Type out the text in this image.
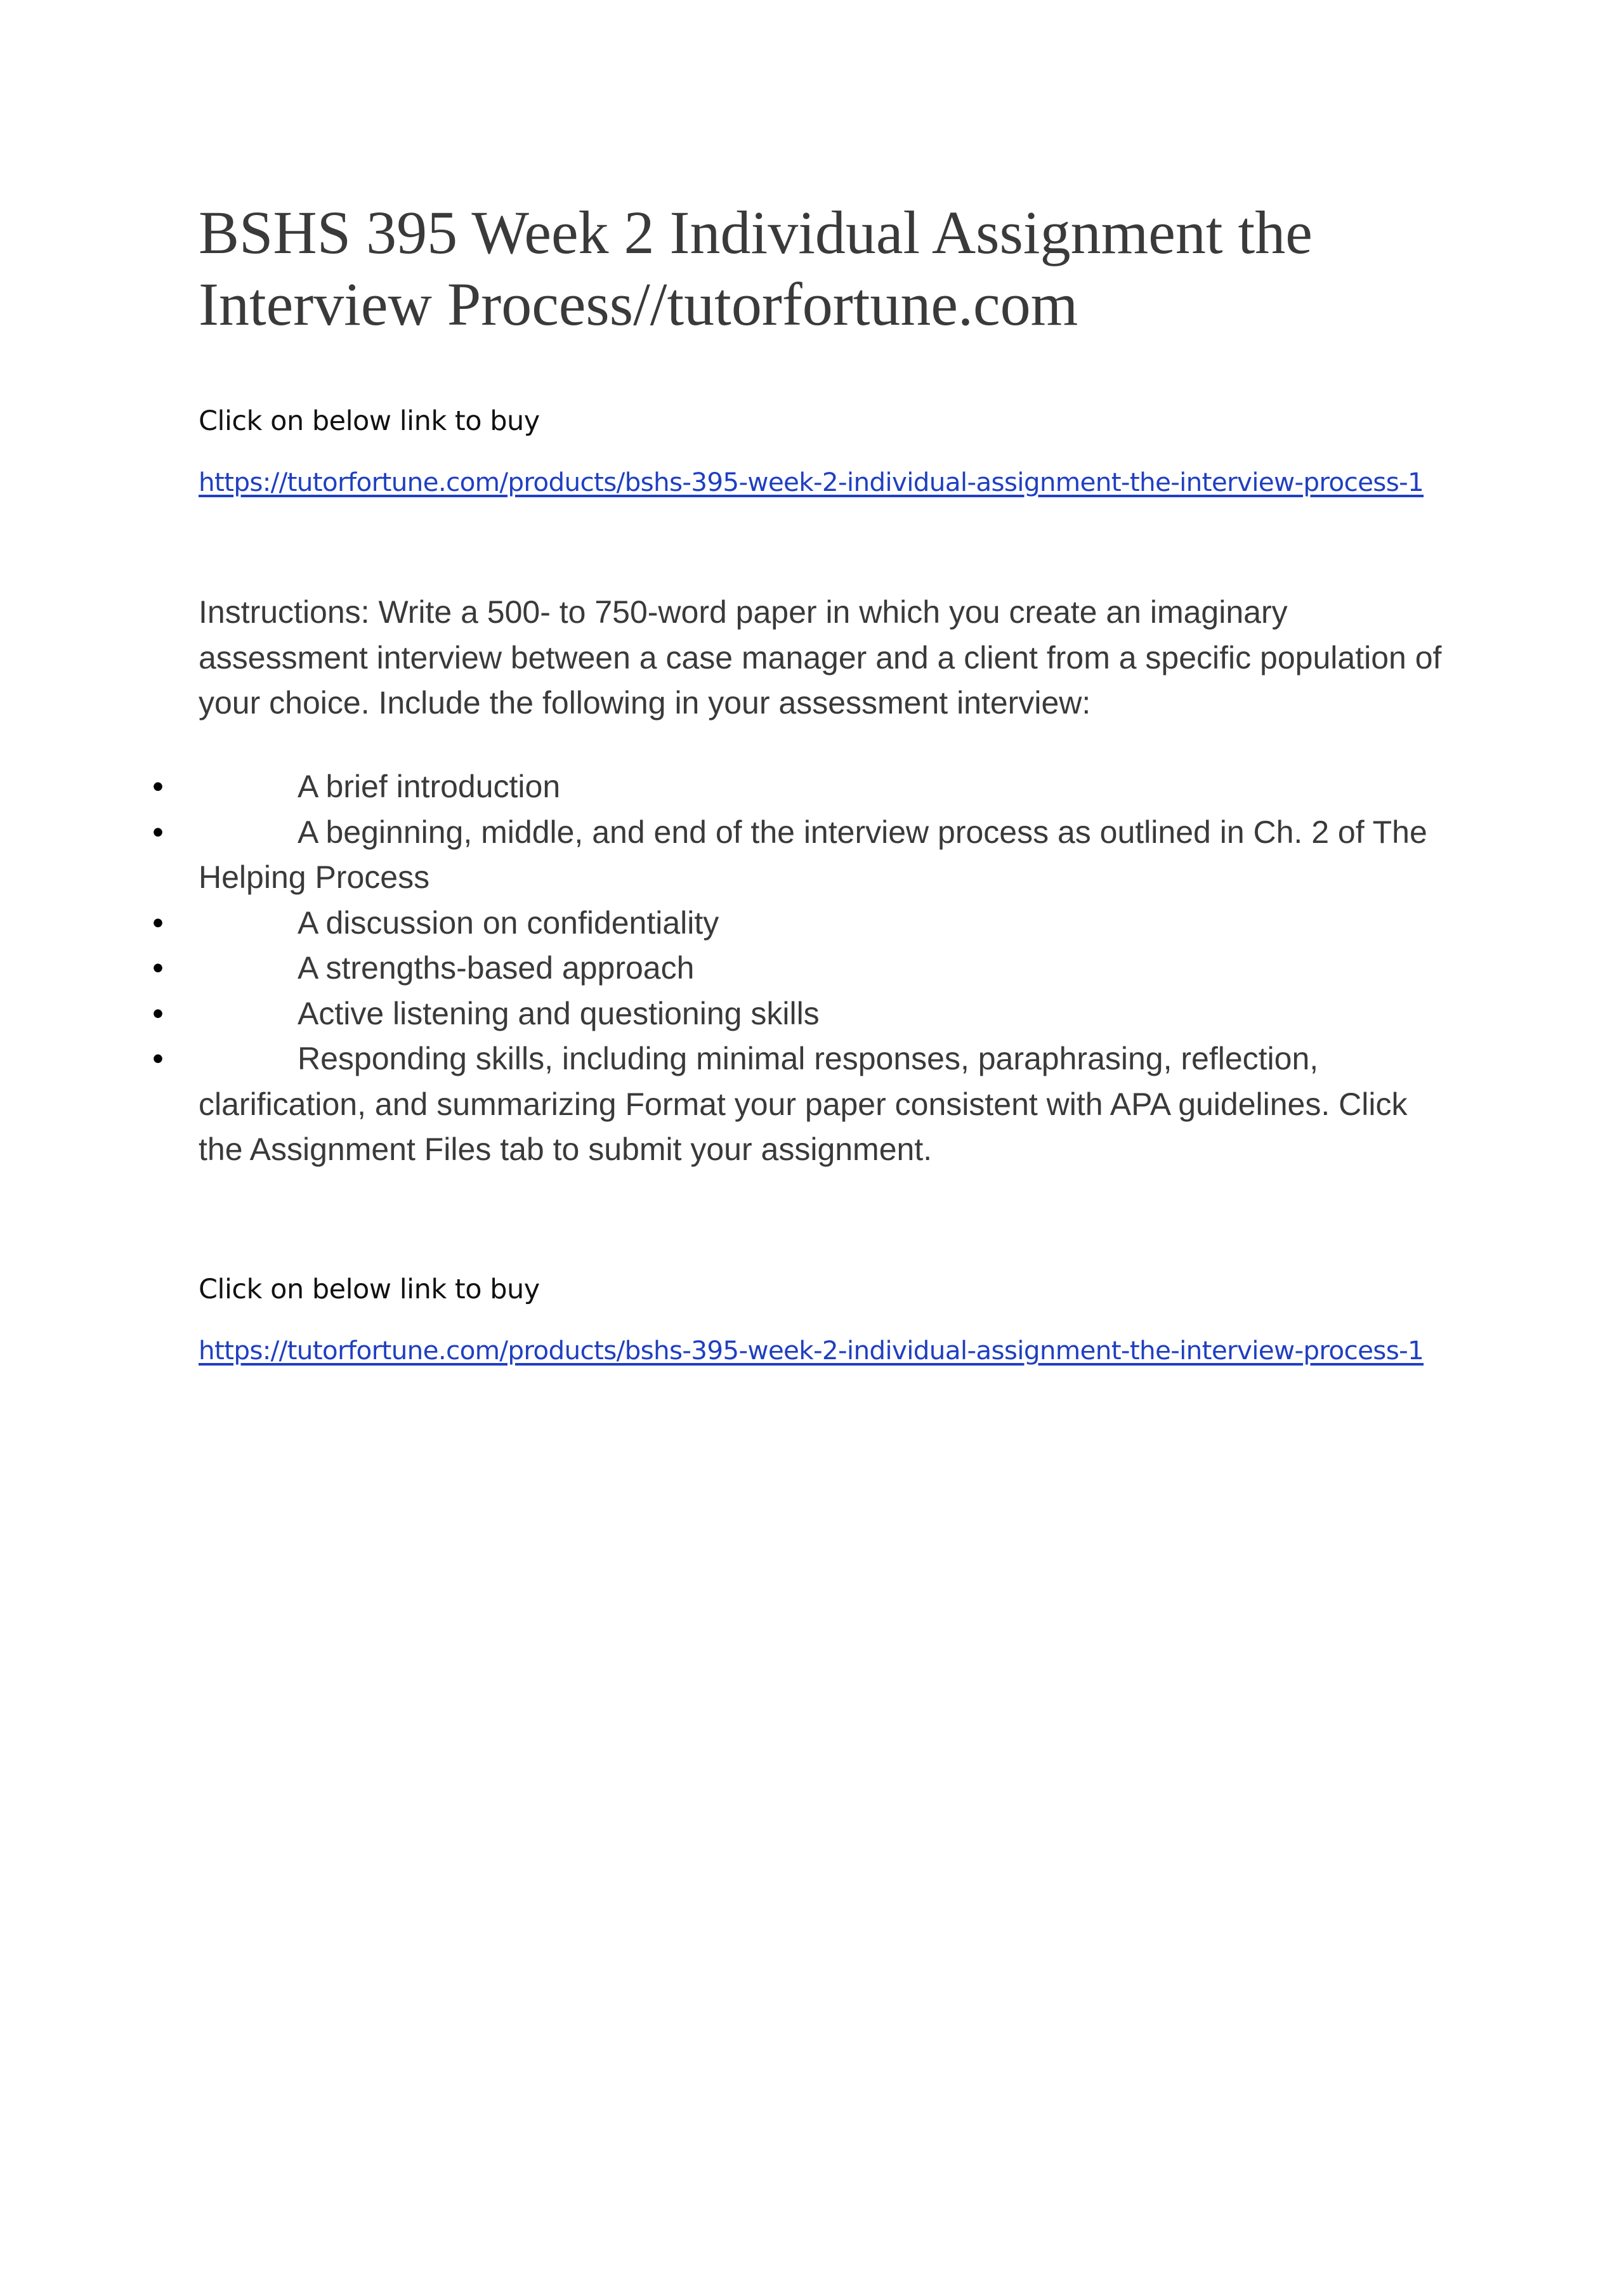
BSHS 395 Week 2 Individual Assignment the Interview Process//tutorfortune.com

Click on below link to buy

https://tutorfortune.com/products/bshs-395-week-2-individual-assignment-the-interview-process-1

Instructions: Write a 500- to 750-word paper in which you create an imaginary assessment interview between a case manager and a client from a specific population of your choice. Include the following in your assessment interview:

•	A brief introduction
•	A beginning, middle, and end of the interview process as outlined in Ch. 2 of The Helping Process
•	A discussion on confidentiality
•	A strengths-based approach
•	Active listening and questioning skills
•	Responding skills, including minimal responses, paraphrasing, reflection, clarification, and summarizing Format your paper consistent with APA guidelines. Click the Assignment Files tab to submit your assignment.

Click on below link to buy

https://tutorfortune.com/products/bshs-395-week-2-individual-assignment-the-interview-process-1
